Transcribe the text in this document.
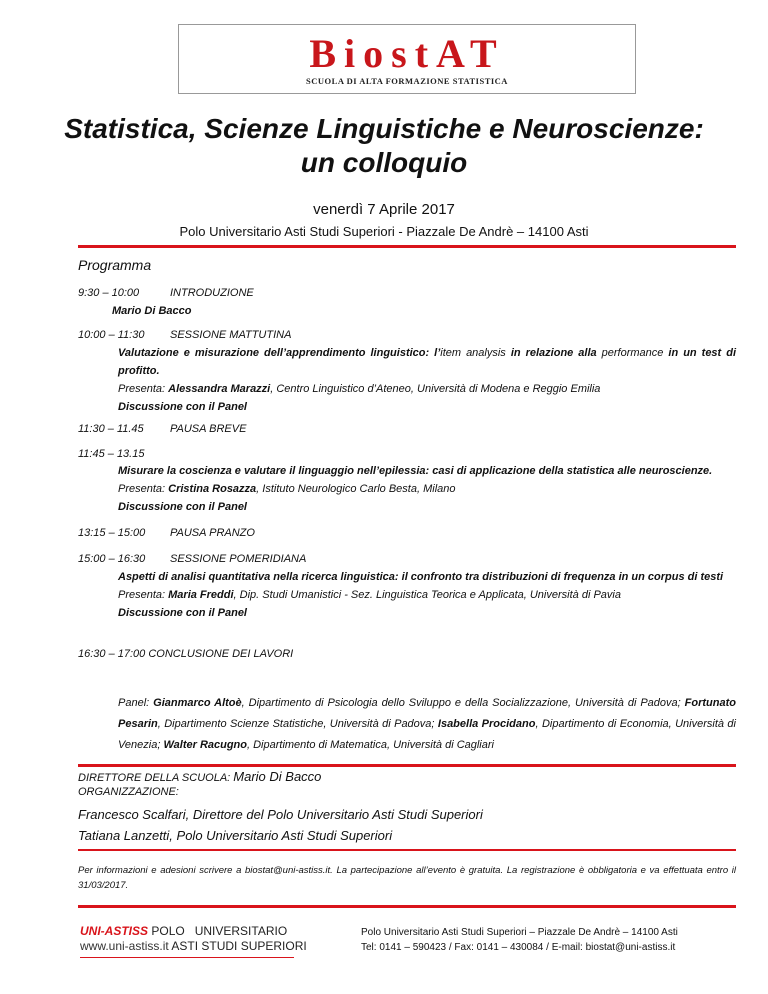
BiostAT
SCUOLA DI ALTA FORMAZIONE STATISTICA
Statistica, Scienze Linguistiche e Neuroscienze:
un colloquio
venerdì 7 Aprile 2017
Polo Universitario Asti Studi Superiori - Piazzale De Andrè – 14100 Asti
Programma
9:30 – 10:00	INTRODUZIONE
Mario Di Bacco
10:00 – 11:30 SESSIONE MATTUTINA
Valutazione e misurazione dell’apprendimento linguistico: l’item analysis in relazione alla performance in un test di profitto.
Presenta: Alessandra Marazzi, Centro Linguistico d’Ateneo, Università di Modena e Reggio Emilia
Discussione con il Panel
11:30 – 11.45 PAUSA BREVE
11:45 – 13.15
Misurare la coscienza e valutare il linguaggio nell’epilessia: casi di applicazione della statistica alle neuroscienze.
Presenta: Cristina Rosazza, Istituto Neurologico Carlo Besta, Milano
Discussione con il Panel
13:15 – 15:00 PAUSA PRANZO
15:00 – 16:30 SESSIONE POMERIDIANA
Aspetti di analisi quantitativa nella ricerca linguistica: il confronto tra distribuzioni di frequenza in un corpus di testi
Presenta: Maria Freddi, Dip. Studi Umanistici - Sez. Linguistica Teorica e Applicata, Università di Pavia
Discussione con il Panel
16:30 – 17:00 CONCLUSIONE DEI LAVORI
Panel: Gianmarco Altoè, Dipartimento di Psicologia dello Sviluppo e della Socializzazione, Università di Padova; Fortunato Pesarin, Dipartimento Scienze Statistiche, Università di Padova; Isabella Procidano, Dipartimento di Economia, Università di Venezia; Walter Racugno, Dipartimento di Matematica, Università di Cagliari
DIRETTORE DELLA SCUOLA: Mario Di Bacco
ORGANIZZAZIONE:
Francesco Scalfari, Direttore del Polo Universitario Asti Studi Superiori
Tatiana Lanzetti, Polo Universitario Asti Studi Superiori
Per informazioni e adesioni scrivere a biostat@uni-astiss.it. La partecipazione all’evento è gratuita. La registrazione è obbligatoria e va effettuata entro il 31/03/2017.
UNI-ASTISS POLO   UNIVERSITARIO
www.uni-astiss.it ASTI STUDI SUPERIORI
Polo Universitario Asti Studi Superiori – Piazzale De Andrè – 14100 Asti
Tel: 0141 – 590423 / Fax: 0141 – 430084 / E-mail: biostat@uni-astiss.it
